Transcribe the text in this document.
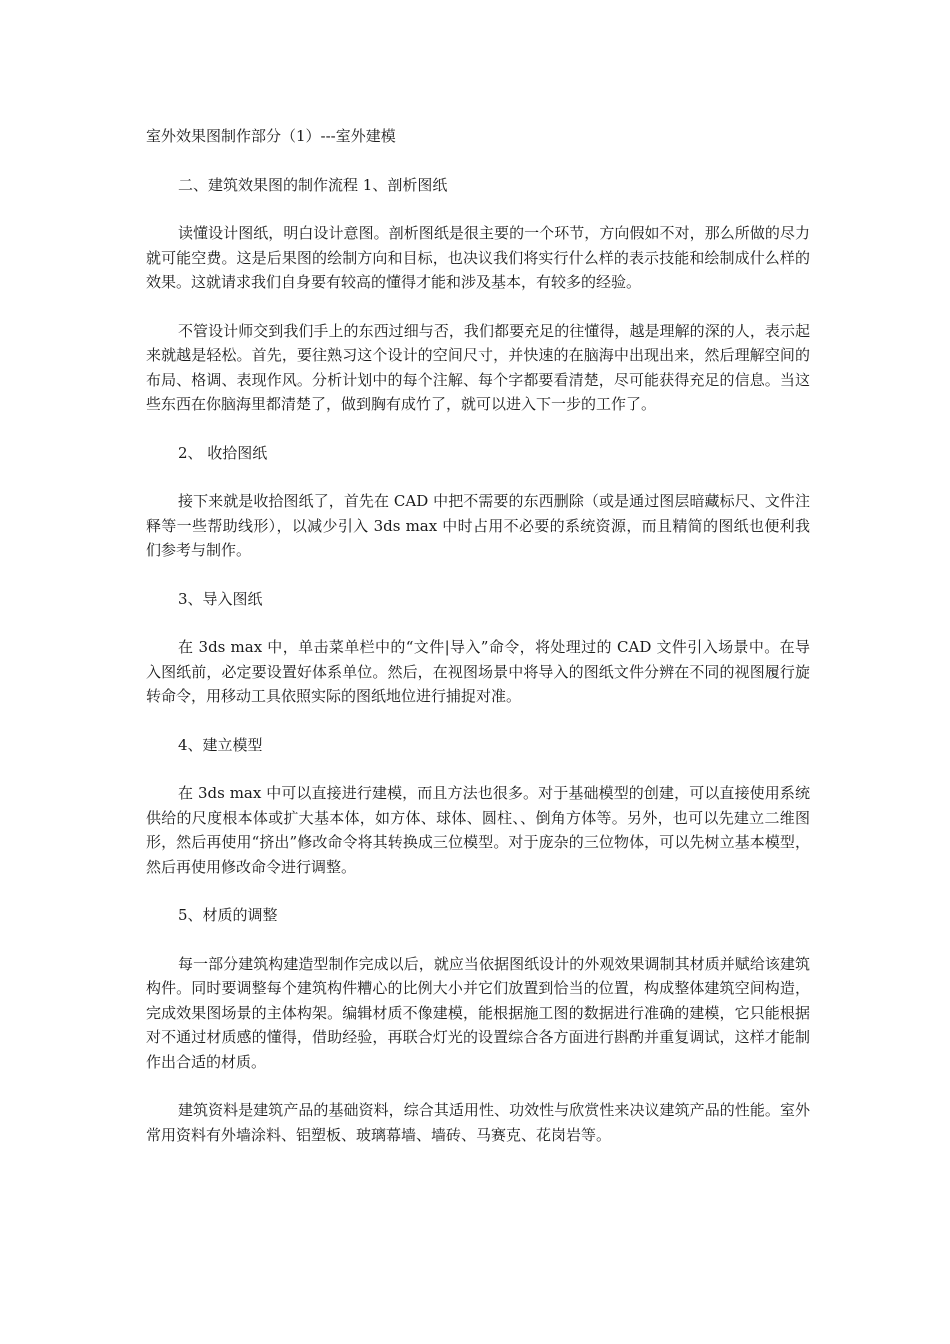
室外效果图制作部分（1）---室外建模

二、建筑效果图的制作流程 1、剖析图纸

读懂设计图纸，明白设计意图。剖析图纸是很主要的一个环节，方向假如不对，那么所做的尽力就可能空费。这是后果图的绘制方向和目标，也决议我们将实行什么样的表示技能和绘制成什么样的效果。这就请求我们自身要有较高的懂得才能和涉及基本，有较多的经验。

不管设计师交到我们手上的东西过细与否，我们都要充足的往懂得，越是理解的深的人，表示起来就越是轻松。首先，要往熟习这个设计的空间尺寸，并快速的在脑海中出现出来，然后理解空间的布局、格调、表现作风。分析计划中的每个注解、每个字都要看清楚，尽可能获得充足的信息。当这些东西在你脑海里都清楚了，做到胸有成竹了，就可以进入下一步的工作了。

2、 收拾图纸

接下来就是收拾图纸了，首先在 CAD 中把不需要的东西删除（或是通过图层暗藏标尺、文件注释等一些帮助线形），以减少引入 3ds max 中时占用不必要的系统资源，而且精简的图纸也便利我们参考与制作。

3、导入图纸

在 3ds max 中，单击菜单栏中的“文件|导入”命令，将处理过的 CAD 文件引入场景中。在导入图纸前，必定要设置好体系单位。然后，在视图场景中将导入的图纸文件分辨在不同的视图履行旋转命令，用移动工具依照实际的图纸地位进行捕捉对准。

4、建立模型

在 3ds max 中可以直接进行建模，而且方法也很多。对于基础模型的创建，可以直接使用系统供给的尺度根本体或扩大基本体，如方体、球体、圆柱、、倒角方体等。另外，也可以先建立二维图形，然后再使用“挤出”修改命令将其转换成三位模型。对于庞杂的三位物体，可以先树立基本模型，然后再使用修改命令进行调整。

5、材质的调整

每一部分建筑构建造型制作完成以后，就应当依据图纸设计的外观效果调制其材质并赋给该建筑构件。同时要调整每个建筑构件糟心的比例大小并它们放置到恰当的位置，构成整体建筑空间构造，完成效果图场景的主体构架。编辑材质不像建模，能根据施工图的数据进行准确的建模，它只能根据对不通过材质感的懂得，借助经验，再联合灯光的设置综合各方面进行斟酌并重复调试，这样才能制作出合适的材质。

建筑资料是建筑产品的基础资料，综合其适用性、功效性与欣赏性来决议建筑产品的性能。室外常用资料有外墙涂料、铝塑板、玻璃幕墙、墙砖、马赛克、花岗岩等。
